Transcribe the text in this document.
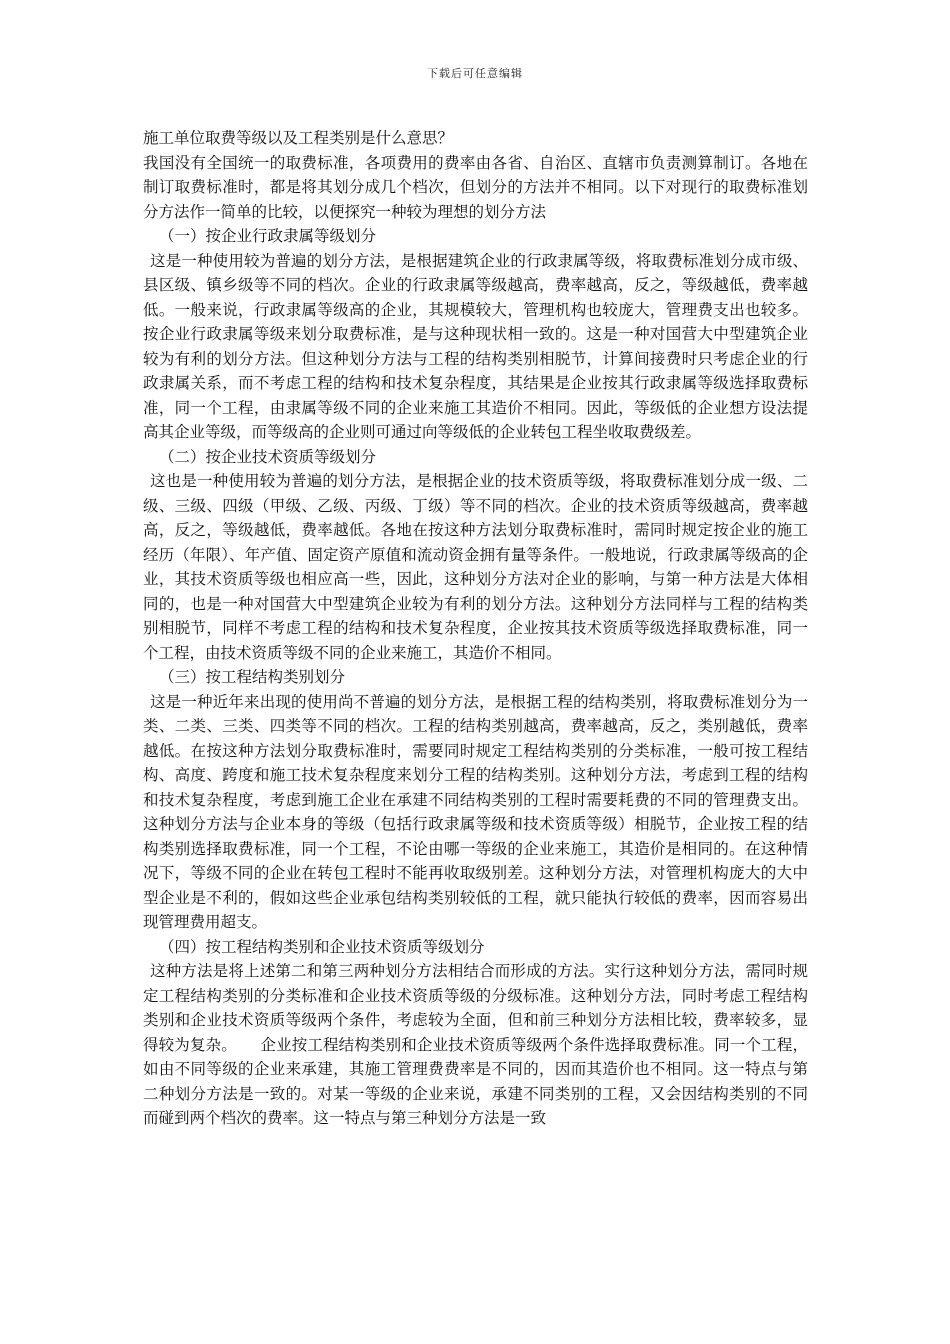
下载后可任意编辑

施工单位取费等级以及工程类别是什么意思？

我国没有全国统一的取费标准，各项费用的费率由各省、自治区、直辖市负责测算制订。各地在制订取费标准时，都是将其划分成几个档次，但划分的方法并不相同。以下对现行的取费标准划分方法作一简单的比较，以便探究一种较为理想的划分方法

（一）按企业行政隶属等级划分

这是一种使用较为普遍的划分方法，是根据建筑企业的行政隶属等级，将取费标准划分成市级、县区级、镇乡级等不同的档次。企业的行政隶属等级越高，费率越高，反之，等级越低，费率越低。一般来说，行政隶属等级高的企业，其规模较大，管理机构也较庞大，管理费支出也较多。按企业行政隶属等级来划分取费标准，是与这种现状相一致的。这是一种对国营大中型建筑企业较为有利的划分方法。但这种划分方法与工程的结构类别相脱节，计算间接费时只考虑企业的行政隶属关系，而不考虑工程的结构和技术复杂程度，其结果是企业按其行政隶属等级选择取费标准，同一个工程，由隶属等级不同的企业来施工其造价不相同。因此，等级低的企业想方设法提高其企业等级，而等级高的企业则可通过向等级低的企业转包工程坐收取费级差。

（二）按企业技术资质等级划分

这也是一种使用较为普遍的划分方法，是根据企业的技术资质等级，将取费标准划分成一级、二级、三级、四级（甲级、乙级、丙级、丁级）等不同的档次。企业的技术资质等级越高，费率越高，反之，等级越低，费率越低。各地在按这种方法划分取费标准时，需同时规定按企业的施工经历（年限）、年产值、固定资产原值和流动资金拥有量等条件。一般地说，行政隶属等级高的企业，其技术资质等级也相应高一些，因此，这种划分方法对企业的影响，与第一种方法是大体相同的，也是一种对国营大中型建筑企业较为有利的划分方法。这种划分方法同样与工程的结构类别相脱节，同样不考虑工程的结构和技术复杂程度，企业按其技术资质等级选择取费标准，同一个工程，由技术资质等级不同的企业来施工，其造价不相同。

（三）按工程结构类别划分

这是一种近年来出现的使用尚不普遍的划分方法，是根据工程的结构类别，将取费标准划分为一类、二类、三类、四类等不同的档次。工程的结构类别越高，费率越高，反之，类别越低，费率越低。在按这种方法划分取费标准时，需要同时规定工程结构类别的分类标准，一般可按工程结构、高度、跨度和施工技术复杂程度来划分工程的结构类别。这种划分方法，考虑到工程的结构和技术复杂程度，考虑到施工企业在承建不同结构类别的工程时需要耗费的不同的管理费支出。这种划分方法与企业本身的等级（包括行政隶属等级和技术资质等级）相脱节，企业按工程的结构类别选择取费标准，同一个工程，不论由哪一等级的企业来施工，其造价是相同的。在这种情况下，等级不同的企业在转包工程时不能再收取级别差。这种划分方法，对管理机构庞大的大中型企业是不利的，假如这些企业承包结构类别较低的工程，就只能执行较低的费率，因而容易出现管理费用超支。

（四）按工程结构类别和企业技术资质等级划分

这种方法是将上述第二和第三两种划分方法相结合而形成的方法。实行这种划分方法，需同时规定工程结构类别的分类标准和企业技术资质等级的分级标准。这种划分方法，同时考虑工程结构类别和企业技术资质等级两个条件，考虑较为全面，但和前三种划分方法相比较，费率较多，显得较为复杂。　　企业按工程结构类别和企业技术资质等级两个条件选择取费标准。同一个工程，如由不同等级的企业来承建，其施工管理费费率是不同的，因而其造价也不相同。这一特点与第二种划分方法是一致的。对某一等级的企业来说，承建不同类别的工程，又会因结构类别的不同而碰到两个档次的费率。这一特点与第三种划分方法是一致
